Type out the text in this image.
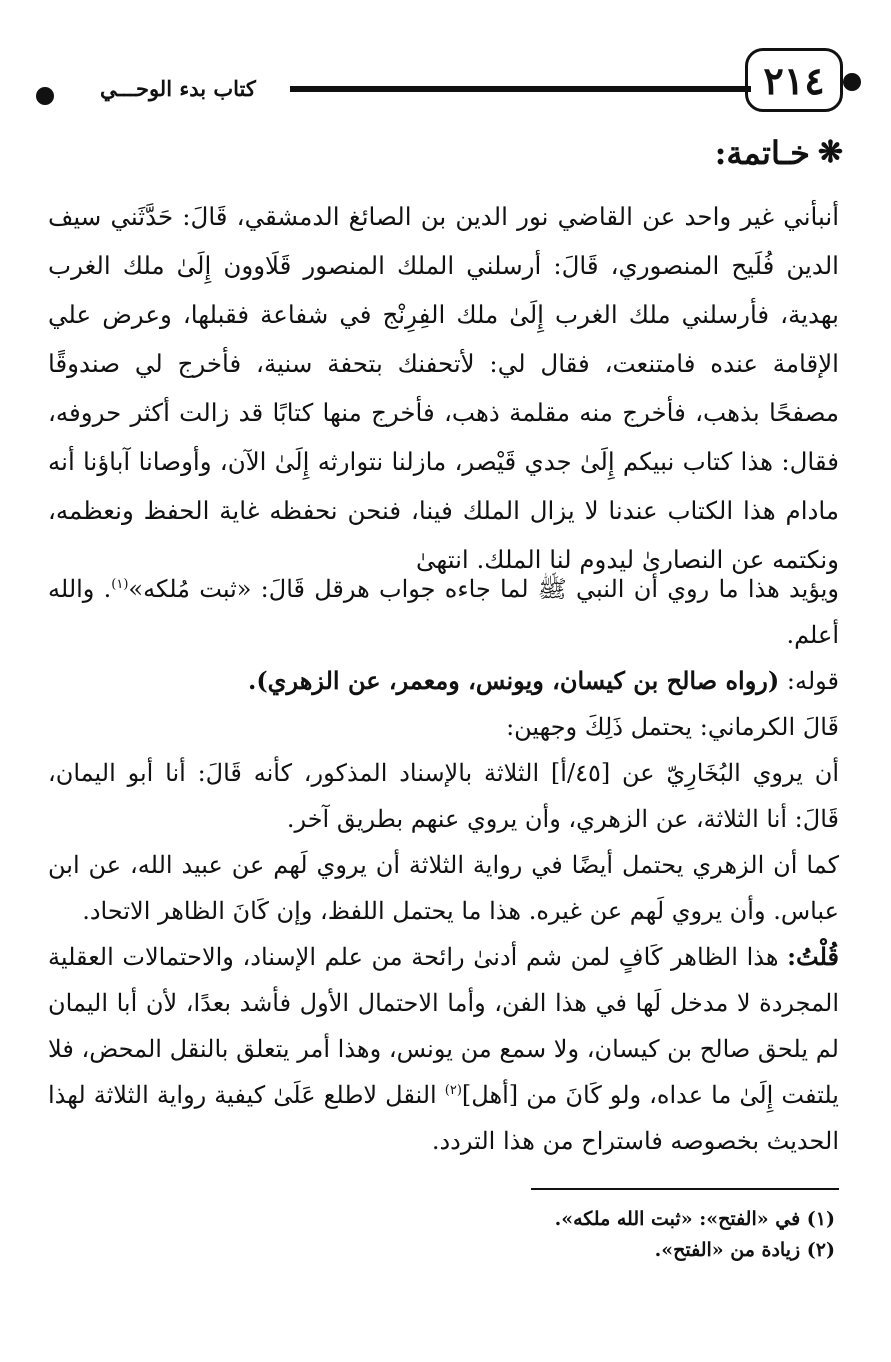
٢١٤
كتاب بدء الوحـــي
❋
خـاتمة:

أنبأني غير واحد عن القاضي نور الدين بن الصائغ الدمشقي، قَالَ: حَدَّثَني سيف الدين فُلَيح المنصوري، قَالَ: أرسلني الملك المنصور قَلَاوون إِلَىٰ ملك الغرب بهدية، فأرسلني ملك الغرب إِلَىٰ ملك الفِرِنْج في شفاعة فقبلها، وعرض علي الإقامة عنده فامتنعت، فقال لي: لأتحفنك بتحفة سنية، فأخرج لي صندوقًا مصفحًا بذهب، فأخرج منه مقلمة ذهب، فأخرج منها كتابًا قد زالت أكثر حروفه، فقال: هذا كتاب نبيكم إِلَىٰ جدي قَيْصر، مازلنا نتوارثه إِلَىٰ الآن، وأوصانا آباؤنا أنه مادام هذا الكتاب عندنا لا يزال الملك فينا، فنحن نحفظه غاية الحفظ ونعظمه، ونكتمه عن النصارىٰ ليدوم لنا الملك. انتهىٰ

ويؤيد هذا ما روي أن النبي ﷺ لما جاءه جواب هرقل قَالَ: «ثبت مُلكه»$^{(١)}$. والله أعلم.

قوله: (رواه صالح بن كيسان، ويونس، ومعمر، عن الزهري).

قَالَ الكرماني: يحتمل ذَلِكَ وجهين:

أن يروي البُخَارِيّ عن [٤٥/أ] الثلاثة بالإسناد المذكور، كأنه قَالَ: أنا أبو اليمان، قَالَ: أنا الثلاثة، عن الزهري، وأن يروي عنهم بطريق آخر.

كما أن الزهري يحتمل أيضًا في رواية الثلاثة أن يروي لَهم عن عبيد الله، عن ابن عباس. وأن يروي لَهم عن غيره. هذا ما يحتمل اللفظ، وإن كَانَ الظاهر الاتحاد.

قُلْتُ: هذا الظاهر كَافٍ لمن شم أدنىٰ رائحة من علم الإسناد، والاحتمالات العقلية المجردة لا مدخل لَها في هذا الفن، وأما الاحتمال الأول فأشد بعدًا، لأن أبا اليمان لم يلحق صالح بن كيسان، ولا سمع من يونس، وهذا أمر يتعلق بالنقل المحض، فلا يلتفت إِلَىٰ ما عداه، ولو كَانَ من [أهل]$^{(٢)}$ النقل لاطلع عَلَىٰ كيفية رواية الثلاثة لهذا الحديث بخصوصه فاستراح من هذا التردد.

(١) في «الفتح»: «ثبت الله ملكه».
(٢) زيادة من «الفتح».
